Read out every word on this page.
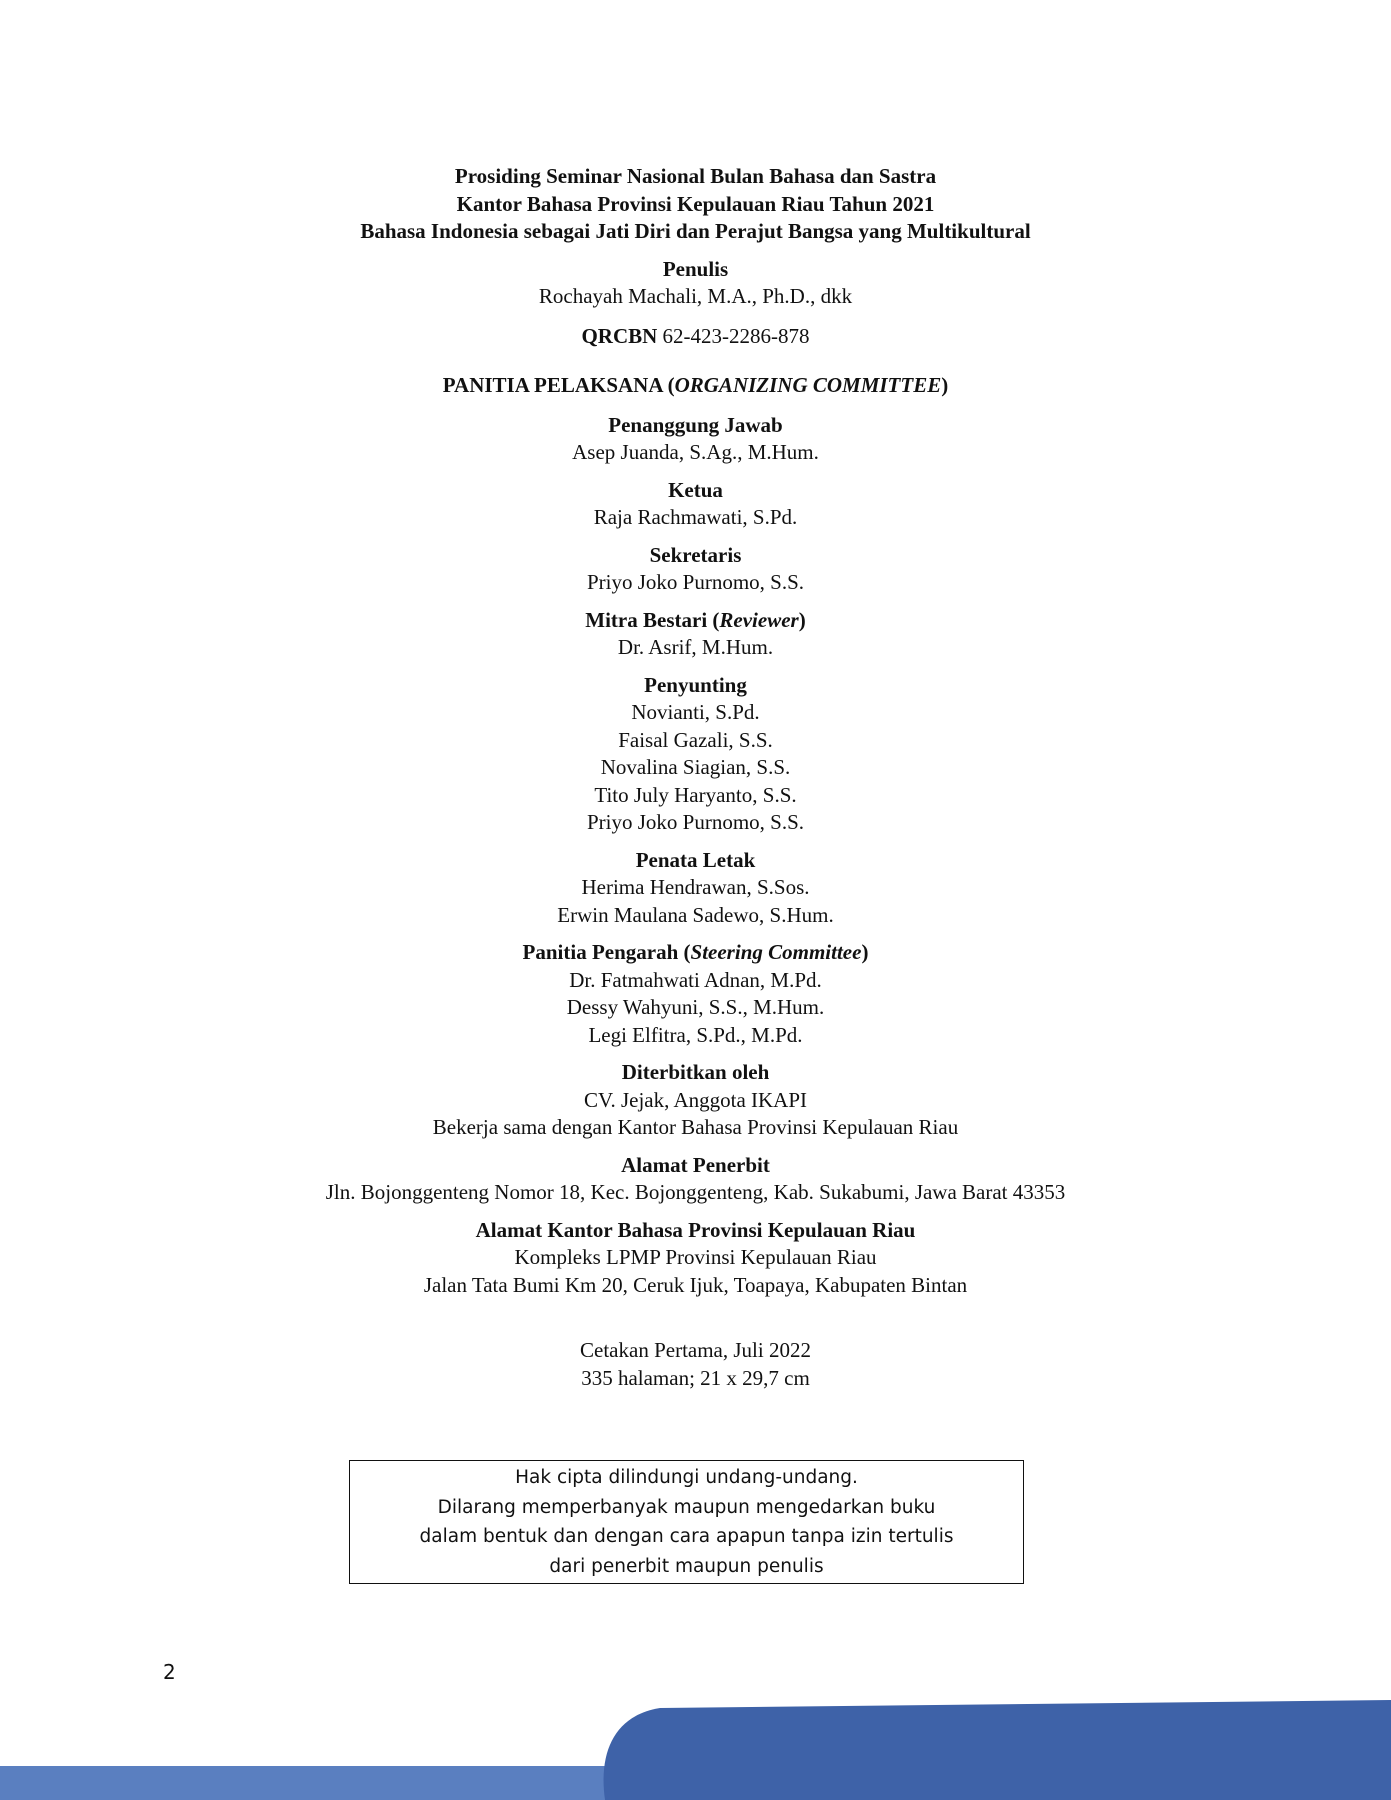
Prosiding Seminar Nasional Bulan Bahasa dan Sastra
Kantor Bahasa Provinsi Kepulauan Riau Tahun 2021
Bahasa Indonesia sebagai Jati Diri dan Perajut Bangsa yang Multikultural
Penulis
Rochayah Machali, M.A., Ph.D., dkk
QRCBN 62-423-2286-878
PANITIA PELAKSANA (ORGANIZING COMMITTEE)
Penanggung Jawab
Asep Juanda, S.Ag., M.Hum.
Ketua
Raja Rachmawati, S.Pd.
Sekretaris
Priyo Joko Purnomo, S.S.
Mitra Bestari (Reviewer)
Dr. Asrif, M.Hum.
Penyunting
Novianti, S.Pd.
Faisal Gazali, S.S.
Novalina Siagian, S.S.
Tito July Haryanto, S.S.
Priyo Joko Purnomo, S.S.
Penata Letak
Herima Hendrawan, S.Sos.
Erwin Maulana Sadewo, S.Hum.
Panitia Pengarah (Steering Committee)
Dr. Fatmahwati Adnan, M.Pd.
Dessy Wahyuni, S.S., M.Hum.
Legi Elfitra, S.Pd., M.Pd.
Diterbitkan oleh
CV. Jejak, Anggota IKAPI
Bekerja sama dengan Kantor Bahasa Provinsi Kepulauan Riau
Alamat Penerbit
Jln. Bojonggenteng Nomor 18, Kec. Bojonggenteng, Kab. Sukabumi, Jawa Barat 43353
Alamat Kantor Bahasa Provinsi Kepulauan Riau
Kompleks LPMP Provinsi Kepulauan Riau
Jalan Tata Bumi Km 20, Ceruk Ijuk, Toapaya, Kabupaten Bintan
Cetakan Pertama, Juli 2022
335 halaman; 21 x 29,7 cm
Hak cipta dilindungi undang-undang.
Dilarang memperbanyak maupun mengedarkan buku
dalam bentuk dan dengan cara apapun tanpa izin tertulis
dari penerbit maupun penulis
2
